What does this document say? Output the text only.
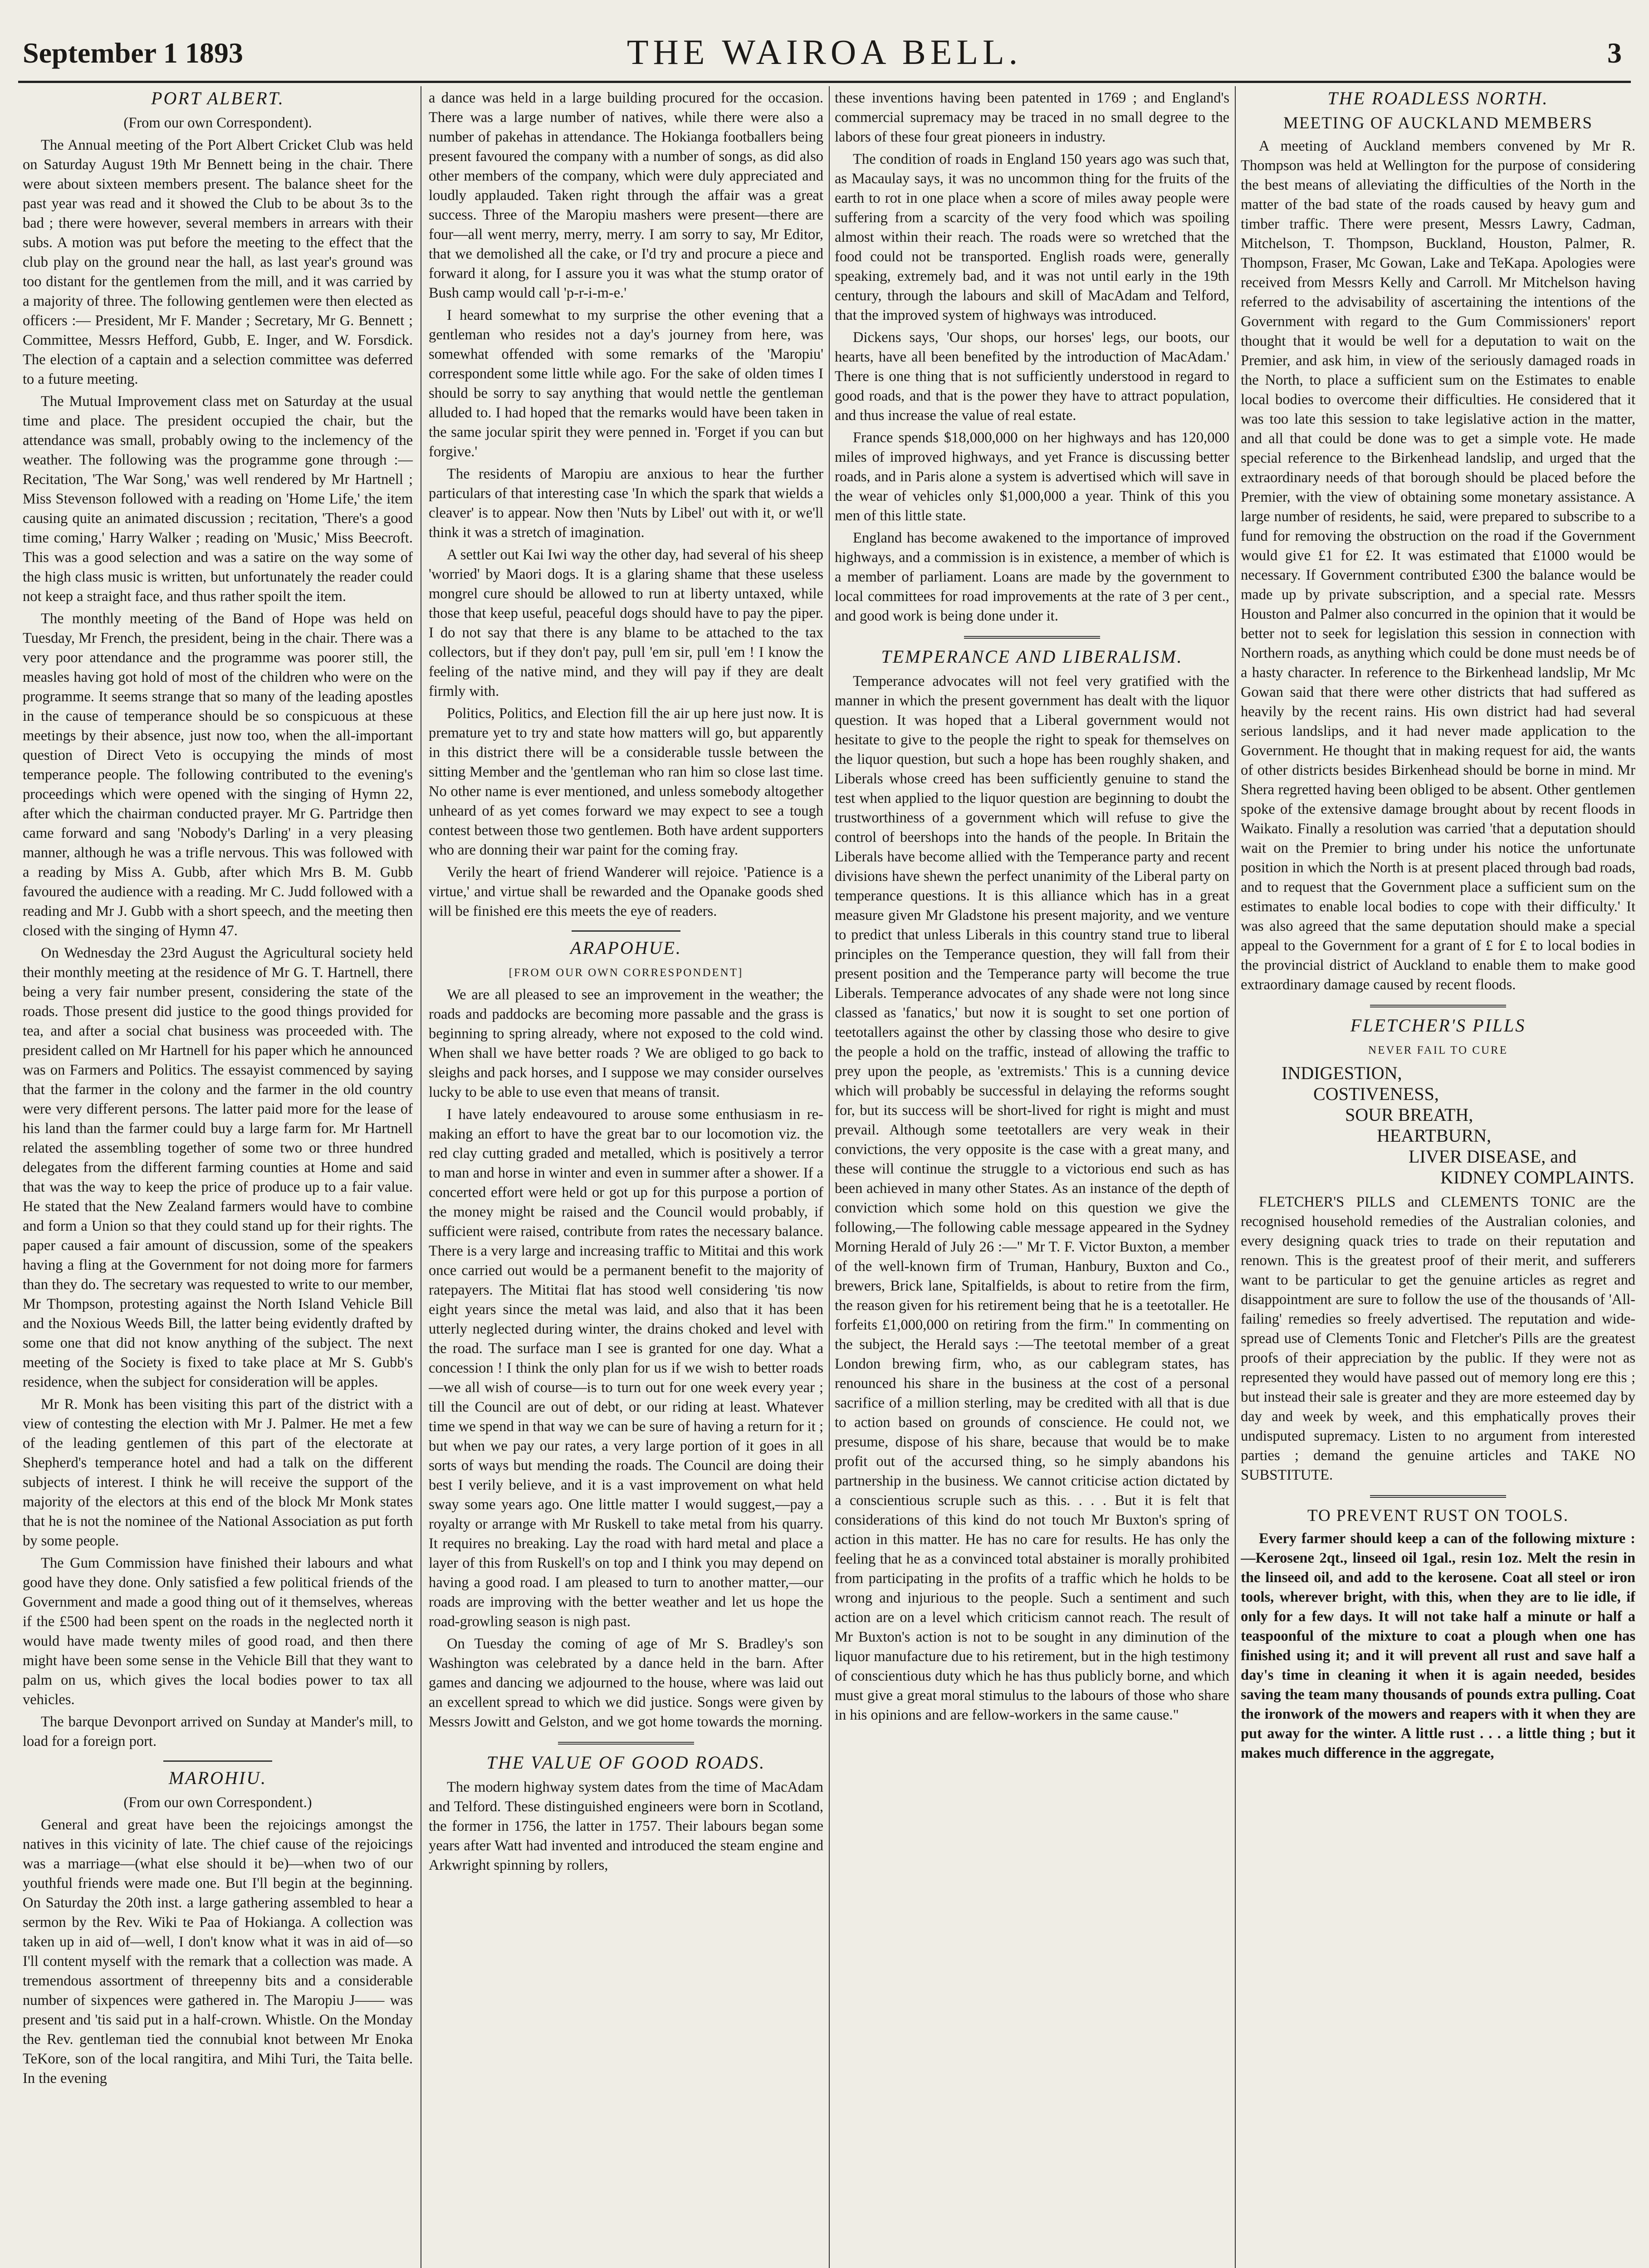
September 1 1893	THE WAIROA BELL.	3
PORT ALBERT.

(From our own Correspondent).

The Annual meeting of the Port Albert Cricket Club was held on Saturday August 19th Mr Bennett being in the chair. There were about sixteen members present. The balance sheet for the past year was read and it showed the Club to be about 3s to the bad ; there were however, several members in arrears with their subs. A motion was put before the meeting to the effect that the club play on the ground near the hall, as last year's ground was too distant for the gentlemen from the mill, and it was carried by a majority of three. The following gentlemen were then elected as officers :— President, Mr F. Mander ; Secretary, Mr G. Bennett ; Committee, Messrs Hefford, Gubb, E. Inger, and W. Forsdick. The election of a captain and a selection committee was deferred to a future meeting.

The Mutual Improvement class met on Saturday at the usual time and place. The president occupied the chair, but the attendance was small, probably owing to the inclemency of the weather. The following was the programme gone through :—Recitation, 'The War Song,' was well rendered by Mr Hartnell ; Miss Stevenson followed with a reading on 'Home Life,' the item causing quite an animated discussion ; recitation, 'There's a good time coming,' Harry Walker ; reading on 'Music,' Miss Beecroft. This was a good selection and was a satire on the way some of the high class music is written, but unfortunately the reader could not keep a straight face, and thus rather spoilt the item.

The monthly meeting of the Band of Hope was held on Tuesday, Mr French, the president, being in the chair. There was a very poor attendance and the programme was poorer still, the measles having got hold of most of the children who were on the programme. It seems strange that so many of the leading apostles in the cause of temperance should be so conspicuous at these meetings by their absence, just now too, when the all-important question of Direct Veto is occupying the minds of most temperance people. The following contributed to the evening's proceedings which were opened with the singing of Hymn 22, after which the chairman conducted prayer. Mr G. Partridge then came forward and sang 'Nobody's Darling' in a very pleasing manner, although he was a trifle nervous. This was followed with a reading by Miss A. Gubb, after which Mrs B. M. Gubb favoured the audience with a reading. Mr C. Judd followed with a reading and Mr J. Gubb with a short speech, and the meeting then closed with the singing of Hymn 47.

On Wednesday the 23rd August the Agricultural society held their monthly meeting at the residence of Mr G. T. Hartnell, there being a very fair number present, considering the state of the roads. Those present did justice to the good things provided for tea, and after a social chat business was proceeded with. The president called on Mr Hartnell for his paper which he announced was on Farmers and Politics. The essayist commenced by saying that the farmer in the colony and the farmer in the old country were very different persons. The latter paid more for the lease of his land than the farmer could buy a large farm for. Mr Hartnell related the assembling together of some two or three hundred delegates from the different farming counties at Home and said that was the way to keep the price of produce up to a fair value. He stated that the New Zealand farmers would have to combine and form a Union so that they could stand up for their rights. The paper caused a fair amount of discussion, some of the speakers having a fling at the Government for not doing more for farmers than they do. The secretary was requested to write to our member, Mr Thompson, protesting against the North Island Vehicle Bill and the Noxious Weeds Bill, the latter being evidently drafted by some one that did not know anything of the subject. The next meeting of the Society is fixed to take place at Mr S. Gubb's residence, when the subject for consideration will be apples.

Mr R. Monk has been visiting this part of the district with a view of contesting the election with Mr J. Palmer. He met a few of the leading gentlemen of this part of the electorate at Shepherd's temperance hotel and had a talk on the different subjects of interest. I think he will receive the support of the majority of the electors at this end of the block Mr Monk states that he is not the nominee of the National Association as put forth by some people.

The Gum Commission have finished their labours and what good have they done. Only satisfied a few political friends of the Government and made a good thing out of it themselves, whereas if the £500 had been spent on the roads in the neglected north it would have made twenty miles of good road, and then there might have been some sense in the Vehicle Bill that they want to palm on us, which gives the local bodies power to tax all vehicles.

The barque Devonport arrived on Sunday at Mander's mill, to load for a foreign port.

MAROHIU.

(From our own Correspondent.)

General and great have been the rejoicings amongst the natives in this vicinity of late. The chief cause of the rejoicings was a marriage—(what else should it be)—when two of our youthful friends were made one. But I'll begin at the beginning. On Saturday the 20th inst. a large gathering assembled to hear a sermon by the Rev. Wiki te Paa of Hokianga. A collection was taken up in aid of—well, I don't know what it was in aid of—so I'll content myself with the remark that a collection was made. A tremendous assortment of threepenny bits and a considerable number of sixpences were gathered in. The Maropiu J—— was present and 'tis said put in a half-crown. Whistle. On the Monday the Rev. gentleman tied the connubial knot between Mr Enoka TeKore, son of the local rangitira, and Mihi Turi, the Taita belle. In the evening

a dance was held in a large building procured for the occasion. There was a large number of natives, while there were also a number of pakehas in attendance. The Hokianga footballers being present favoured the company with a number of songs, as did also other members of the company, which were duly appreciated and loudly applauded. Taken right through the affair was a great success. Three of the Maropiu mashers were present—there are four—all went merry, merry, merry. I am sorry to say, Mr Editor, that we demolished all the cake, or I'd try and procure a piece and forward it along, for I assure you it was what the stump orator of Bush camp would call 'p-r-i-m-e.'

I heard somewhat to my surprise the other evening that a gentleman who resides not a day's journey from here, was somewhat offended with some remarks of the 'Maropiu' correspondent some little while ago. For the sake of olden times I should be sorry to say anything that would nettle the gentleman alluded to. I had hoped that the remarks would have been taken in the same jocular spirit they were penned in. 'Forget if you can but forgive.'

The residents of Maropiu are anxious to hear the further particulars of that interesting case 'In which the spark that wields a cleaver' is to appear. Now then 'Nuts by Libel' out with it, or we'll think it was a stretch of imagination.

A settler out Kai Iwi way the other day, had several of his sheep 'worried' by Maori dogs. It is a glaring shame that these useless mongrel cure should be allowed to run at liberty untaxed, while those that keep useful, peaceful dogs should have to pay the piper. I do not say that there is any blame to be attached to the tax collectors, but if they don't pay, pull 'em sir, pull 'em ! I know the feeling of the native mind, and they will pay if they are dealt firmly with.

Politics, Politics, and Election fill the air up here just now. It is premature yet to try and state how matters will go, but apparently in this district there will be a considerable tussle between the sitting Member and the 'gentleman who ran him so close last time. No other name is ever mentioned, and unless somebody altogether unheard of as yet comes forward we may expect to see a tough contest between those two gentlemen. Both have ardent supporters who are donning their war paint for the coming fray.

Verily the heart of friend Wanderer will rejoice. 'Patience is a virtue,' and virtue shall be rewarded and the Opanake goods shed will be finished ere this meets the eye of readers.

ARAPOHUE.

[FROM OUR OWN CORRESPONDENT]

We are all pleased to see an improvement in the weather; the roads and paddocks are becoming more passable and the grass is beginning to spring already, where not exposed to the cold wind. When shall we have better roads ? We are obliged to go back to sleighs and pack horses, and I suppose we may consider ourselves lucky to be able to use even that means of transit.

I have lately endeavoured to arouse some enthusiasm in re-making an effort to have the great bar to our locomotion viz. the red clay cutting graded and metalled, which is positively a terror to man and horse in winter and even in summer after a shower. If a concerted effort were held or got up for this purpose a portion of the money might be raised and the Council would probably, if sufficient were raised, contribute from rates the necessary balance. There is a very large and increasing traffic to Mititai and this work once carried out would be a permanent benefit to the majority of ratepayers. The Mititai flat has stood well considering 'tis now eight years since the metal was laid, and also that it has been utterly neglected during winter, the drains choked and level with the road. The surface man I see is granted for one day. What a concession ! I think the only plan for us if we wish to better roads—we all wish of course—is to turn out for one week every year ; till the Council are out of debt, or our riding at least. Whatever time we spend in that way we can be sure of having a return for it ; but when we pay our rates, a very large portion of it goes in all sorts of ways but mending the roads. The Council are doing their best I verily believe, and it is a vast improvement on what held sway some years ago. One little matter I would suggest,—pay a royalty or arrange with Mr Ruskell to take metal from his quarry. It requires no breaking. Lay the road with hard metal and place a layer of this from Ruskell's on top and I think you may depend on having a good road. I am pleased to turn to another matter,—our roads are improving with the better weather and let us hope the road-growling season is nigh past.

On Tuesday the coming of age of Mr S. Bradley's son Washington was celebrated by a dance held in the barn. After games and dancing we adjourned to the house, where was laid out an excellent spread to which we did justice. Songs were given by Messrs Jowitt and Gelston, and we got home towards the morning.

THE VALUE OF GOOD ROADS.

The modern highway system dates from the time of MacAdam and Telford. These distinguished engineers were born in Scotland, the former in 1756, the latter in 1757. Their labours began some years after Watt had invented and introduced the steam engine and Arkwright spinning by rollers,

these inventions having been patented in 1769 ; and England's commercial supremacy may be traced in no small degree to the labors of these four great pioneers in industry.

The condition of roads in England 150 years ago was such that, as Macaulay says, it was no uncommon thing for the fruits of the earth to rot in one place when a score of miles away people were suffering from a scarcity of the very food which was spoiling almost within their reach. The roads were so wretched that the food could not be transported. English roads were, generally speaking, extremely bad, and it was not until early in the 19th century, through the labours and skill of MacAdam and Telford, that the improved system of highways was introduced.

Dickens says, 'Our shops, our horses' legs, our boots, our hearts, have all been benefited by the introduction of MacAdam.' There is one thing that is not sufficiently understood in regard to good roads, and that is the power they have to attract population, and thus increase the value of real estate.

France spends $18,000,000 on her highways and has 120,000 miles of improved highways, and yet France is discussing better roads, and in Paris alone a system is advertised which will save in the wear of vehicles only $1,000,000 a year. Think of this you men of this little state.

England has become awakened to the importance of improved highways, and a commission is in existence, a member of which is a member of parliament. Loans are made by the government to local committees for road improvements at the rate of 3 per cent., and good work is being done under it.

TEMPERANCE AND LIBERALISM.

Temperance advocates will not feel very gratified with the manner in which the present government has dealt with the liquor question. It was hoped that a Liberal government would not hesitate to give to the people the right to speak for themselves on the liquor question, but such a hope has been roughly shaken, and Liberals whose creed has been sufficiently genuine to stand the test when applied to the liquor question are beginning to doubt the trustworthiness of a government which will refuse to give the control of beershops into the hands of the people. In Britain the Liberals have become allied with the Temperance party and recent divisions have shewn the perfect unanimity of the Liberal party on temperance questions. It is this alliance which has in a great measure given Mr Gladstone his present majority, and we venture to predict that unless Liberals in this country stand true to liberal principles on the Temperance question, they will fall from their present position and the Temperance party will become the true Liberals. Temperance advocates of any shade were not long since classed as 'fanatics,' but now it is sought to set one portion of teetotallers against the other by classing those who desire to give the people a hold on the traffic, instead of allowing the traffic to prey upon the people, as 'extremists.' This is a cunning device which will probably be successful in delaying the reforms sought for, but its success will be short-lived for right is might and must prevail. Although some teetotallers are very weak in their convictions, the very opposite is the case with a great many, and these will continue the struggle to a victorious end such as has been achieved in many other States. As an instance of the depth of conviction which some hold on this question we give the following,—The following cable message appeared in the Sydney Morning Herald of July 26 :—" Mr T. F. Victor Buxton, a member of the well-known firm of Truman, Hanbury, Buxton and Co., brewers, Brick lane, Spitalfields, is about to retire from the firm, the reason given for his retirement being that he is a teetotaller. He forfeits £1,000,000 on retiring from the firm." In commenting on the subject, the Herald says :—The teetotal member of a great London brewing firm, who, as our cablegram states, has renounced his share in the business at the cost of a personal sacrifice of a million sterling, may be credited with all that is due to action based on grounds of conscience. He could not, we presume, dispose of his share, because that would be to make profit out of the accursed thing, so he simply abandons his partnership in the business. We cannot criticise action dictated by a conscientious scruple such as this. . . . But it is felt that considerations of this kind do not touch Mr Buxton's spring of action in this matter. He has no care for results. He has only the feeling that he as a convinced total abstainer is morally prohibited from participating in the profits of a traffic which he holds to be wrong and injurious to the people. Such a sentiment and such action are on a level which criticism cannot reach. The result of Mr Buxton's action is not to be sought in any diminution of the liquor manufacture due to his retirement, but in the high testimony of conscientious duty which he has thus publicly borne, and which must give a great moral stimulus to the labours of those who share in his opinions and are fellow-workers in the same cause."

THE ROADLESS NORTH.
MEETING OF AUCKLAND MEMBERS

A meeting of Auckland members convened by Mr R. Thompson was held at Wellington for the purpose of considering the best means of alleviating the difficulties of the North in the matter of the bad state of the roads caused by heavy gum and timber traffic. There were present, Messrs Lawry, Cadman, Mitchelson, T. Thompson, Buckland, Houston, Palmer, R. Thompson, Fraser, Mc Gowan, Lake and TeKapa. Apologies were received from Messrs Kelly and Carroll. Mr Mitchelson having referred to the advisability of ascertaining the intentions of the Government with regard to the Gum Commissioners' report thought that it would be well for a deputation to wait on the Premier, and ask him, in view of the seriously damaged roads in the North, to place a sufficient sum on the Estimates to enable local bodies to overcome their difficulties. He considered that it was too late this session to take legislative action in the matter, and all that could be done was to get a simple vote. He made special reference to the Birkenhead landslip, and urged that the extraordinary needs of that borough should be placed before the Premier, with the view of obtaining some monetary assistance. A large number of residents, he said, were prepared to subscribe to a fund for removing the obstruction on the road if the Government would give £1 for £2. It was estimated that £1000 would be necessary. If Government contributed £300 the balance would be made up by private subscription, and a special rate. Messrs Houston and Palmer also concurred in the opinion that it would be better not to seek for legislation this session in connection with Northern roads, as anything which could be done must needs be of a hasty character. In reference to the Birkenhead landslip, Mr Mc Gowan said that there were other districts that had suffered as heavily by the recent rains. His own district had had several serious landslips, and it had never made application to the Government. He thought that in making request for aid, the wants of other districts besides Birkenhead should be borne in mind. Mr Shera regretted having been obliged to be absent. Other gentlemen spoke of the extensive damage brought about by recent floods in Waikato. Finally a resolution was carried 'that a deputation should wait on the Premier to bring under his notice the unfortunate position in which the North is at present placed through bad roads, and to request that the Government place a sufficient sum on the estimates to enable local bodies to cope with their difficulty.' It was also agreed that the same deputation should make a special appeal to the Government for a grant of £ for £ to local bodies in the provincial district of Auckland to enable them to make good extraordinary damage caused by recent floods.

FLETCHER'S PILLS

NEVER FAIL TO CURE

INDIGESTION,

COSTIVENESS,

SOUR BREATH,

HEARTBURN,

LIVER DISEASE, and

KIDNEY COMPLAINTS.

FLETCHER'S PILLS and CLEMENTS TONIC are the recognised household remedies of the Australian colonies, and every designing quack tries to trade on their reputation and renown. This is the greatest proof of their merit, and sufferers want to be particular to get the genuine articles as regret and disappointment are sure to follow the use of the thousands of 'All-failing' remedies so freely advertised. The reputation and wide-spread use of Clements Tonic and Fletcher's Pills are the greatest proofs of their appreciation by the public. If they were not as represented they would have passed out of memory long ere this ; but instead their sale is greater and they are more esteemed day by day and week by week, and this emphatically proves their undisputed supremacy. Listen to no argument from interested parties ; demand the genuine articles and TAKE NO SUBSTITUTE.

TO PREVENT RUST ON TOOLS.

Every farmer should keep a can of the following mixture :—Kerosene 2qt., linseed oil 1gal., resin 1oz. Melt the resin in the linseed oil, and add to the kerosene. Coat all steel or iron tools, wherever bright, with this, when they are to lie idle, if only for a few days. It will not take half a minute or half a teaspoonful of the mixture to coat a plough when one has finished using it; and it will prevent all rust and save half a day's time in cleaning it when it is again needed, besides saving the team many thousands of pounds extra pulling. Coat the ironwork of the mowers and reapers with it when they are put away for the winter. A little rust . . . a little thing ; but it makes much difference in the aggregate,
